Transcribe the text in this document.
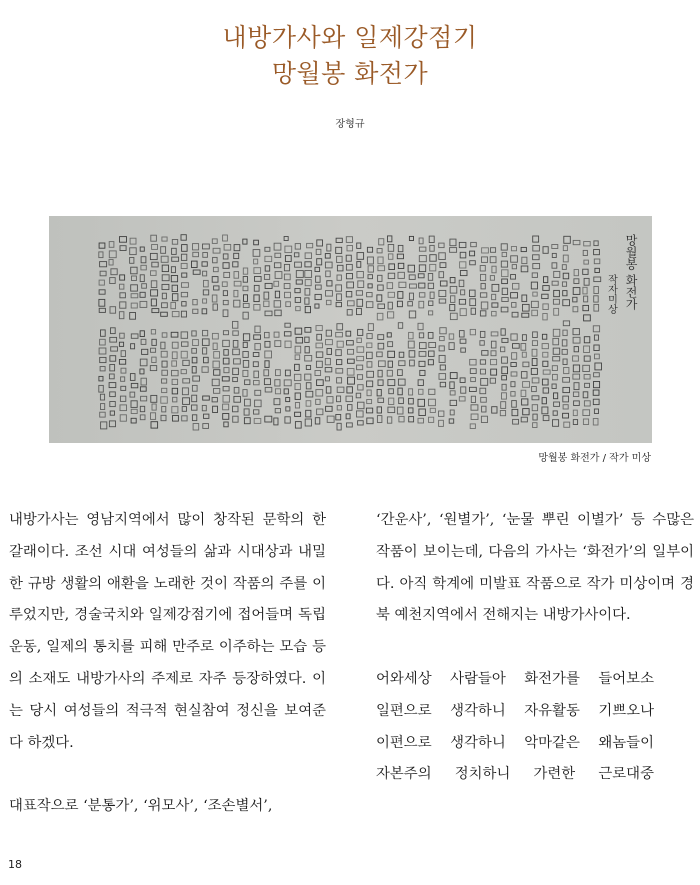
내방가사와 일제강점기
망월봉 화전가
장형규
망월봉 화전가
작자미상
망월봉 화전가 / 작가 미상

내방가사는 영남지역에서 많이 창작된 문학의 한 갈래이다. 조선 시대 여성들의 삶과 시대상과 내밀한 규방 생활의 애환을 노래한 것이 작품의 주를 이루었지만, 경술국치와 일제강점기에 접어들며 독립운동, 일제의 통치를 피해 만주로 이주하는 모습 등의 소재도 내방가사의 주제로 자주 등장하였다. 이는 당시 여성들의 적극적 현실참여 정신을 보여준다 하겠다.

대표작으로 ‘분통가’, ‘위모사’, ‘조손별서’,

‘간운사’, ‘원별가’, ‘눈물 뿌린 이별가’ 등 수많은 작품이 보이는데, 다음의 가사는 ‘화전가’의 일부이다. 아직 학계에 미발표 작품으로 작가 미상이며 경북 예천지역에서 전해지는 내방가사이다.

어와세상 사람들아 화전가를 들어보소
일편으로 생각하니 자유활동 기쁘오나
이편으로 생각하니 악마같은 왜놈들이
자본주의 정치하니 가련한 근로대중
18
